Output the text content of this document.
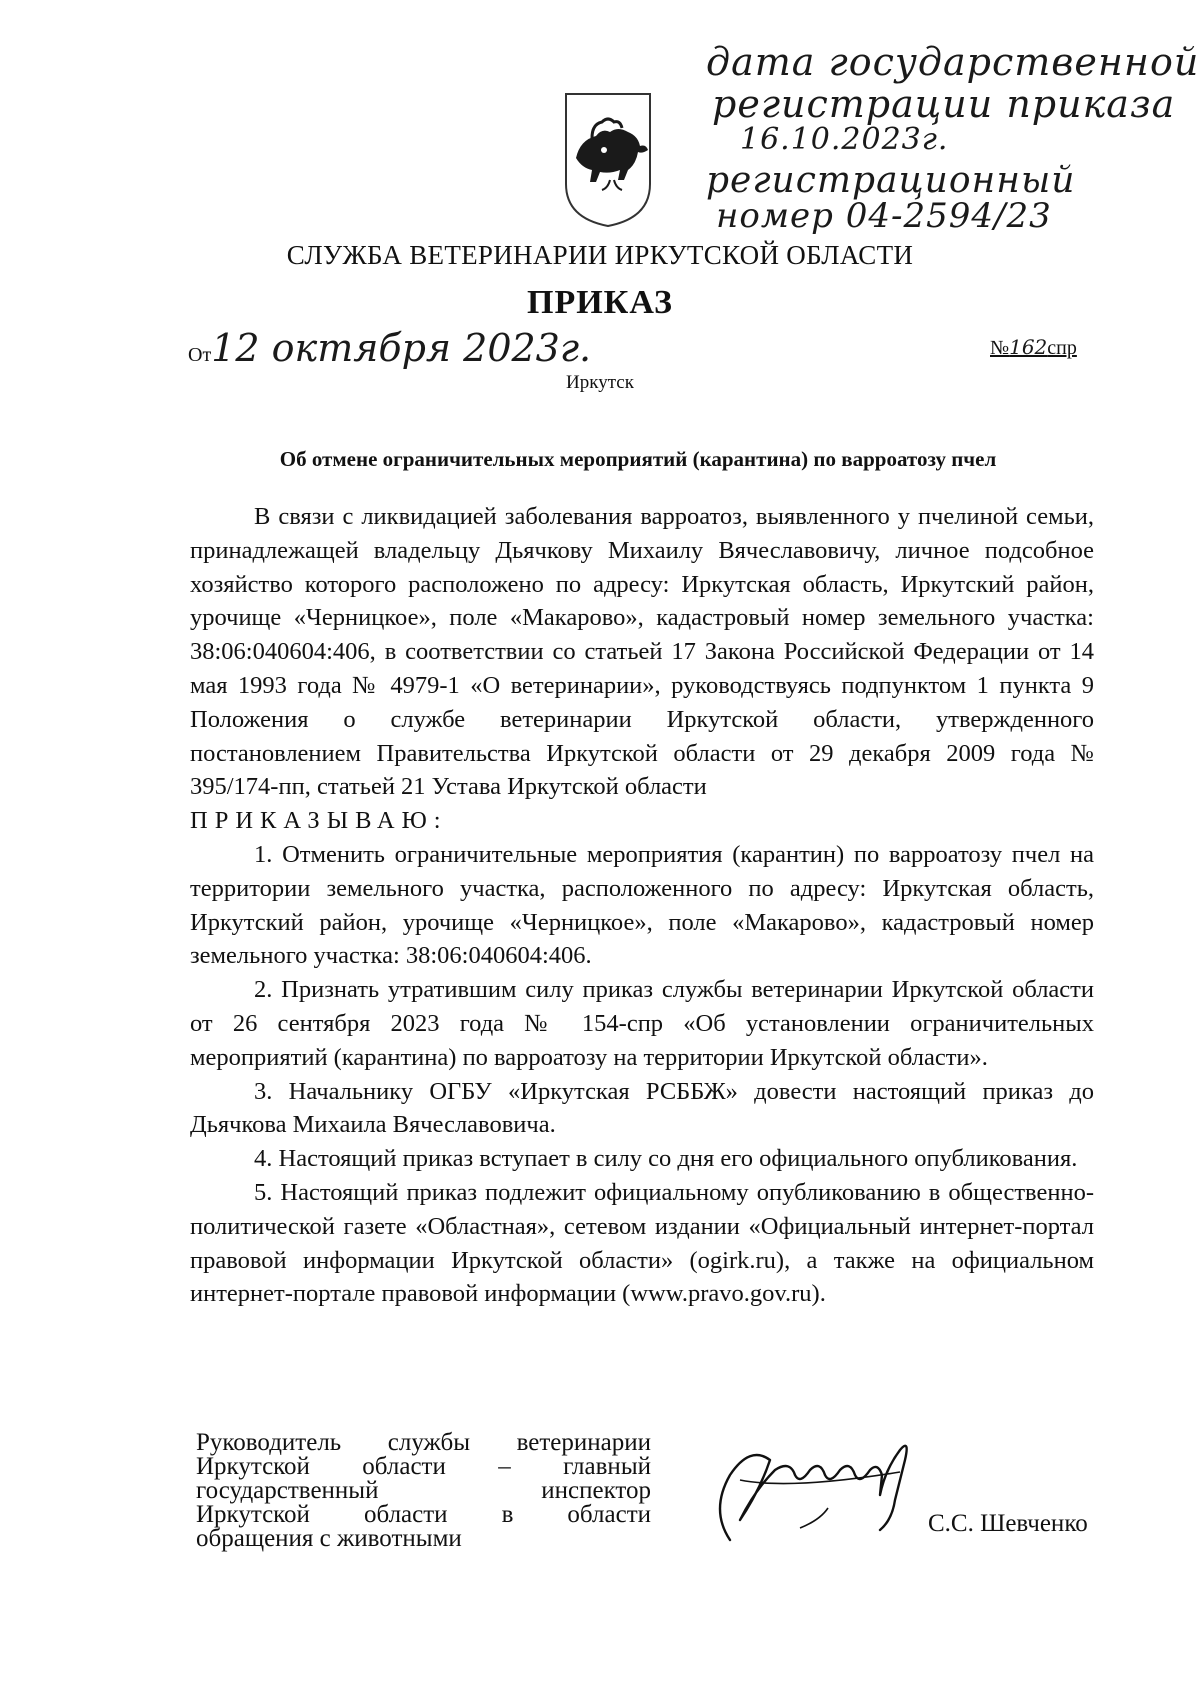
дата государственной
регистрации приказа
16.10.2023г.
регистрационный
номер 04-2594/23
СЛУЖБА ВЕТЕРИНАРИИ ИРКУТСКОЙ ОБЛАСТИ
ПРИКАЗ
От12 октября 2023г.	№162спр
Иркутск
Об отмене ограничительных мероприятий (карантина) по варроатозу пчел

В связи с ликвидацией заболевания варроатоз, выявленного у пчелиной семьи, принадлежащей владельцу Дьячкову Михаилу Вячеславовичу, личное подсобное хозяйство которого расположено по адресу: Иркутская область, Иркутский район, урочище «Черницкое», поле «Макарово», кадастровый номер земельного участка: 38:06:040604:406, в соответствии со статьей 17 Закона Российской Федерации от 14 мая 1993 года № 4979-1 «О ветеринарии», руководствуясь подпунктом 1 пункта 9 Положения о службе ветеринарии Иркутской области, утвержденного постановлением Правительства Иркутской области от 29 декабря 2009 года № 395/174-пп, статьей 21 Устава Иркутской области

ПРИКАЗЫВАЮ:

1. Отменить ограничительные мероприятия (карантин) по варроатозу пчел на территории земельного участка, расположенного по адресу: Иркутская область, Иркутский район, урочище «Черницкое», поле «Макарово», кадастровый номер земельного участка: 38:06:040604:406.

2. Признать утратившим силу приказ службы ветеринарии Иркутской области от 26 сентября 2023 года № 154-спр «Об установлении ограничительных мероприятий (карантина) по варроатозу на территории Иркутской области».

3. Начальнику ОГБУ «Иркутская РСББЖ» довести настоящий приказ до Дьячкова Михаила Вячеславовича.

4. Настоящий приказ вступает в силу со дня его официального опубликования.

5. Настоящий приказ подлежит официальному опубликованию в общественно-политической газете «Областная», сетевом издании «Официальный интернет-портал правовой информации Иркутской области» (ogirk.ru), а также на официальном интернет-портале правовой информации (www.pravo.gov.ru).

Руководитель службы ветеринарии
Иркутской области – главный
государственный инспектор
Иркутской области в области
обращения с животными
С.С. Шевченко
